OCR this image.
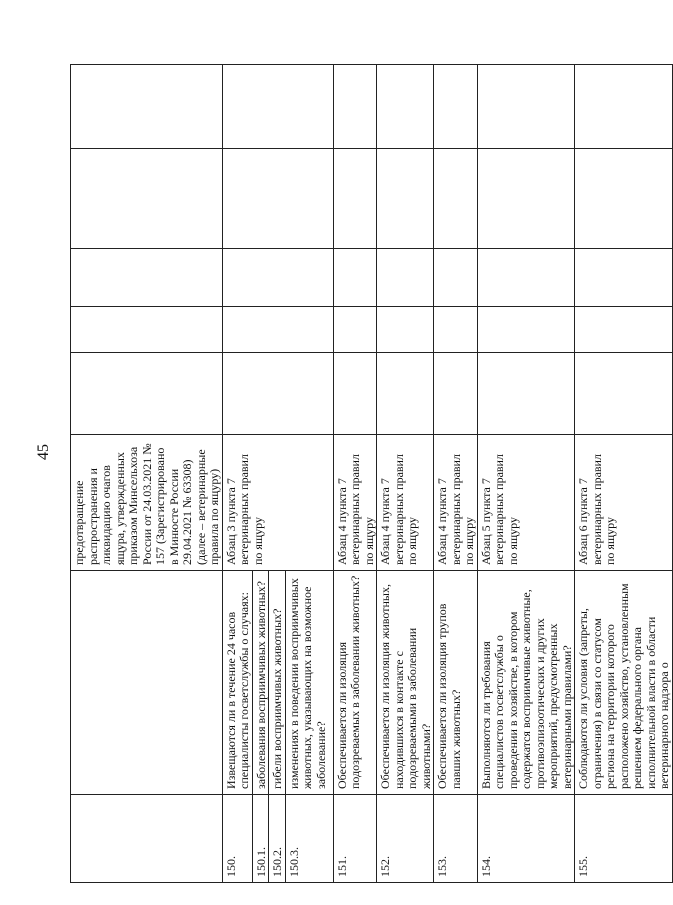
45
		предотвращение распространения и ликвидацию очагов ящура, утвержденных приказом Минсельхоза России от 24.03.2021 № 157 (Зарегистрировано в Минюсте России 29.04.2021 № 63308) (далее – ветеринарные правила по ящуру)					
150.	Извещаются ли в течение 24 часов специалисты госветслужбы о случаях:	Абзац 3 пункта 7 ветеринарных правил по ящуру					
150.1.	заболевания восприимчивых животных?						
150.2.	гибели восприимчивых животных?						
150.3.	изменениях в поведении восприимчивых животных, указывающих на возможное заболевание?						
151.	Обеспечивается ли изоляция подозреваемых в заболевании животных?	Абзац 4 пункта 7 ветеринарных правил по ящуру					
152.	Обеспечивается ли изоляция животных, находившихся в контакте с подозреваемыми в заболевании животными?	Абзац 4 пункта 7 ветеринарных правил по ящуру					
153.	Обеспечивается ли изоляция трупов павших животных?	Абзац 4 пункта 7 ветеринарных правил по ящуру					
154.	Выполняются ли требования специалистов госветслужбы о проведении в хозяйстве, в котором содержатся восприимчивые животные, противоэпизоотических и других мероприятий, предусмотренных ветеринарными правилами?	Абзац 5 пункта 7 ветеринарных правил по ящуру					
155.	Соблюдаются ли условия (запреты, ограничения) в связи со статусом региона на территории которого расположено хозяйство, установленным решением федерального органа исполнительной власти в области ветеринарного надзора о	Абзац 6 пункта 7 ветеринарных правил по ящуру					
